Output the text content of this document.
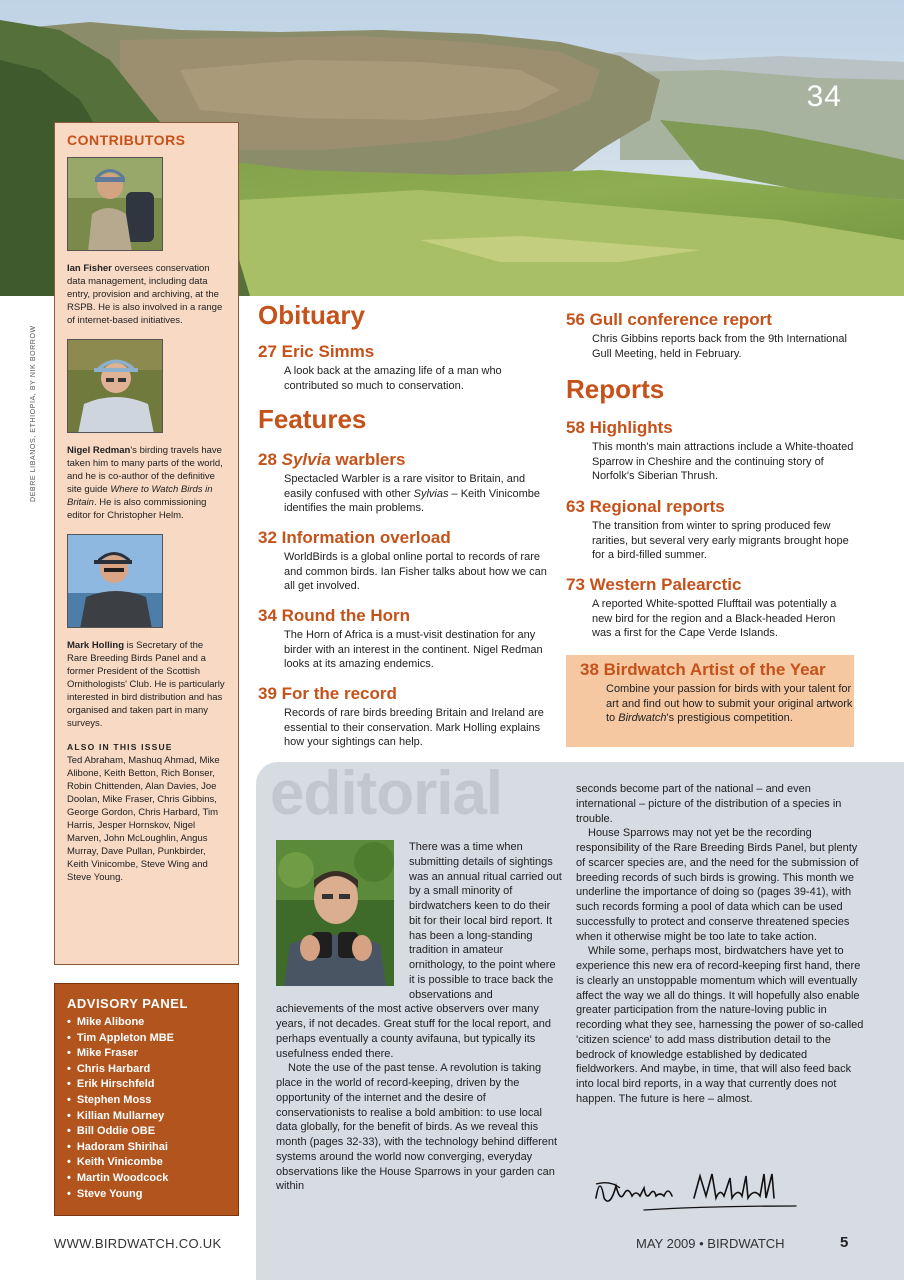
34
DEBRE LIBANOS, ETHIOPIA, BY NIK BORROW
CONTRIBUTORS
Ian Fisher oversees conservation data management, including data entry, provision and archiving, at the RSPB. He is also involved in a range of internet-based initiatives.
Nigel Redman's birding travels have taken him to many parts of the world, and he is co-author of the definitive site guide Where to Watch Birds in Britain. He is also commissioning editor for Christopher Helm.
Mark Holling is Secretary of the Rare Breeding Birds Panel and a former President of the Scottish Ornithologists' Club. He is particularly interested in bird distribution and has organised and taken part in many surveys.
ALSO IN THIS ISSUE
Ted Abraham, Mashuq Ahmad, Mike Alibone, Keith Betton, Rich Bonser, Robin Chittenden, Alan Davies, Joe Doolan, Mike Fraser, Chris Gibbins, George Gordon, Chris Harbard, Tim Harris, Jesper Hornskov, Nigel Marven, John McLoughlin, Angus Murray, Dave Pullan, Punkbirder, Keith Vinicombe, Steve Wing and Steve Young.
ADVISORY PANEL
• Mike Alibone
• Tim Appleton MBE
• Mike Fraser
• Chris Harbard
• Erik Hirschfeld
• Stephen Moss
• Killian Mullarney
• Bill Oddie OBE
• Hadoram Shirihai
• Keith Vinicombe
• Martin Woodcock
• Steve Young
Obituary
27 Eric Simms
A look back at the amazing life of a man who contributed so much to conservation.
Features
28 Sylvia warblers
Spectacled Warbler is a rare visitor to Britain, and easily confused with other Sylvias – Keith Vinicombe identifies the main problems.
32 Information overload
WorldBirds is a global online portal to records of rare and common birds. Ian Fisher talks about how we can all get involved.
34 Round the Horn
The Horn of Africa is a must-visit destination for any birder with an interest in the continent. Nigel Redman looks at its amazing endemics.
39 For the record
Records of rare birds breeding Britain and Ireland are essential to their conservation. Mark Holling explains how your sightings can help.
56 Gull conference report
Chris Gibbins reports back from the 9th International Gull Meeting, held in February.
Reports
58 Highlights
This month's main attractions include a White-thoated Sparrow in Cheshire and the continuing story of Norfolk's Siberian Thrush.
63 Regional reports
The transition from winter to spring produced few rarities, but several very early migrants brought hope for a bird-filled summer.
73 Western Palearctic
A reported White-spotted Flufftail was potentially a new bird for the region and a Black-headed Heron was a first for the Cape Verde Islands.
38 Birdwatch Artist of the Year
Combine your passion for birds with your talent for art and find out how to submit your original artwork to Birdwatch's prestigious competition.
editorial

There was a time when submitting details of sightings was an annual ritual carried out by a small minority of birdwatchers keen to do their bit for their local bird report. It has been a long-standing tradition in amateur ornithology, to the point where it is possible to trace back the observations and achievements of the most active observers over many years, if not decades. Great stuff for the local report, and perhaps eventually a county avifauna, but typically its usefulness ended there.

Note the use of the past tense. A revolution is taking place in the world of record-keeping, driven by the opportunity of the internet and the desire of conservationists to realise a bold ambition: to use local data globally, for the benefit of birds. As we reveal this month (pages 32-33), with the technology behind different systems around the world now converging, everyday observations like the House Sparrows in your garden can within

seconds become part of the national – and even international – picture of the distribution of a species in trouble.

House Sparrows may not yet be the recording responsibility of the Rare Breeding Birds Panel, but plenty of scarcer species are, and the need for the submission of breeding records of such birds is growing. This month we underline the importance of doing so (pages 39-41), with such records forming a pool of data which can be used successfully to protect and conserve threatened species when it otherwise might be too late to take action.

While some, perhaps most, birdwatchers have yet to experience this new era of record-keeping first hand, there is clearly an unstoppable momentum which will eventually affect the way we all do things. It will hopefully also enable greater participation from the nature-loving public in recording what they see, harnessing the power of so-called 'citizen science' to add mass distribution detail to the bedrock of knowledge established by dedicated fieldworkers. And maybe, in time, that will also feed back into local bird reports, in a way that currently does not happen. The future is here – almost.

WWW.BIRDWATCH.CO.UK	MAY 2009 • BIRDWATCH	5
